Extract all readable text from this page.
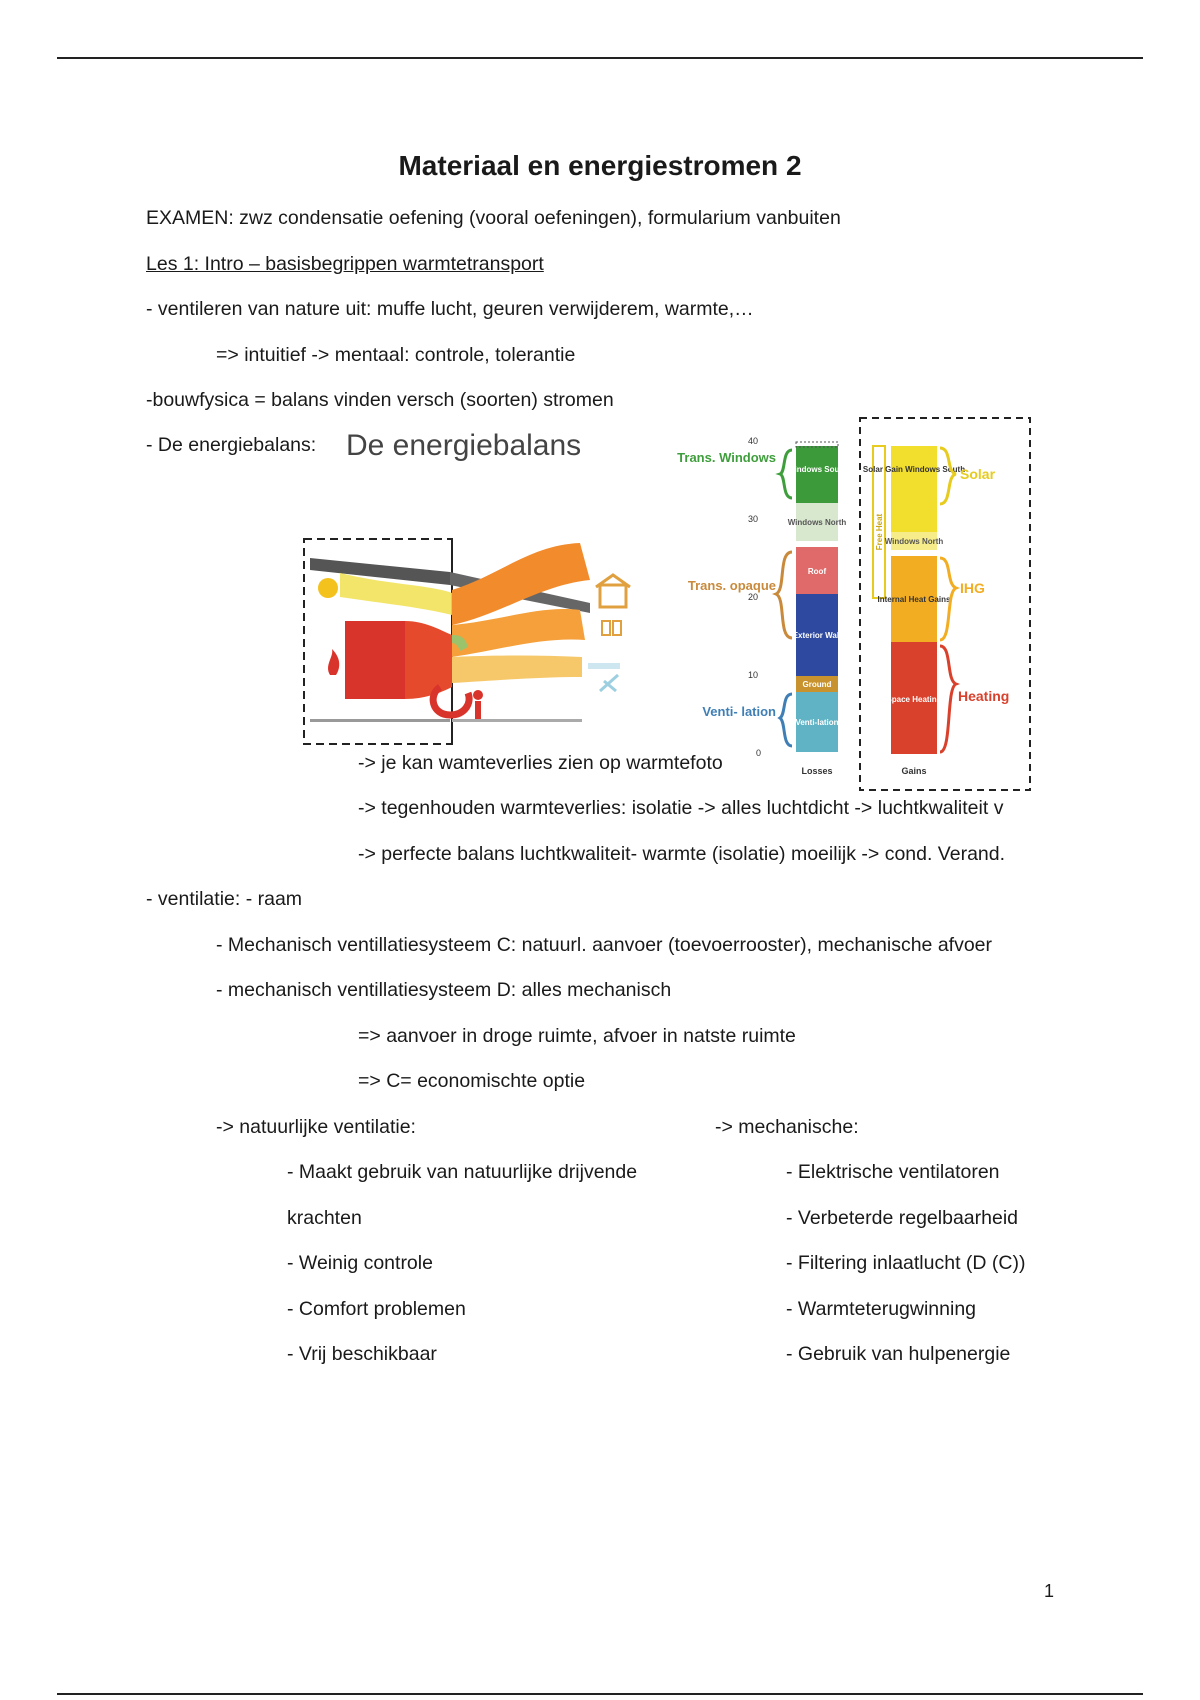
Materiaal en energiestromen 2
EXAMEN: zwz condensatie oefening (vooral oefeningen), formularium vanbuiten
Les 1: Intro – basisbegrippen warmtetransport
- ventileren van nature uit: muffe lucht, geuren verwijderem, warmte,…
=> intuitief -> mentaal: controle, tolerantie
-bouwfysica = balans vinden versch (soorten) stromen
- De energiebalans: De energiebalans	40
30
20
10
0
Windows South
Windows North
Roof
Exterior Wall
Ground
Venti-lation
Losses
Solar Gain Windows South
Windows North
Internal Heat Gains
Space Heating
Gains
Free Heat
Trans. Windows
Trans. opaque
Venti- lation
Solar
IHG
Heating
-> je kan wamteverlies zien op warmtefoto
-> tegenhouden warmteverlies: isolatie -> alles luchtdicht -> luchtkwaliteit v
-> perfecte balans luchtkwaliteit- warmte (isolatie) moeilijk -> cond. Verand.
- ventilatie: - raam
- Mechanisch ventillatiesysteem C: natuurl. aanvoer (toevoerrooster), mechanische afvoer
- mechanisch ventillatiesysteem D: alles mechanisch
=> aanvoer in droge ruimte, afvoer in natste ruimte
=> C= economischte optie
-> natuurlijke ventilatie:	-> mechanische:
- Maakt gebruik van natuurlijke drijvende
krachten
- Weinig controle
- Comfort problemen
- Vrij beschikbaar
- Elektrische ventilatoren
- Verbeterde regelbaarheid
- Filtering inlaatlucht (D (C))
- Warmteterugwinning
- Gebruik van hulpenergie
1
